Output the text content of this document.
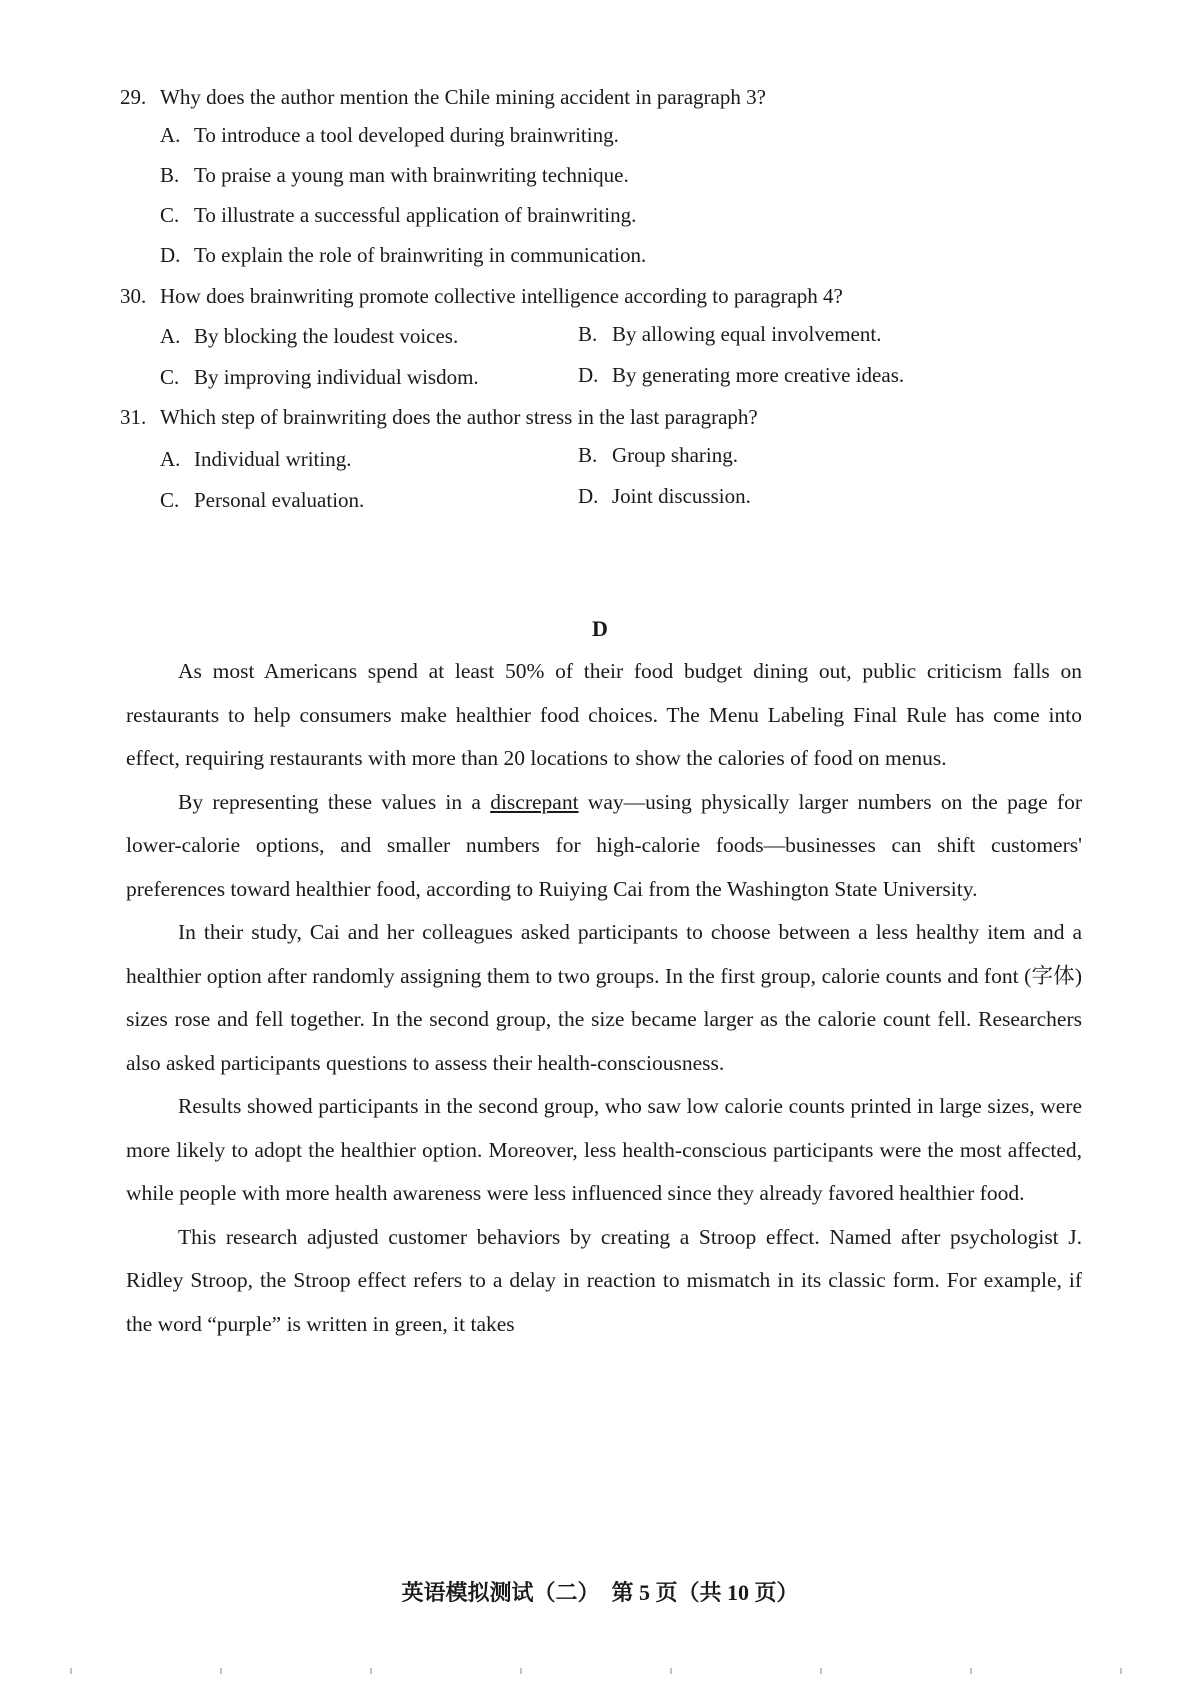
29. Why does the author mention the Chile mining accident in paragraph 3?
A. To introduce a tool developed during brainwriting.
B. To praise a young man with brainwriting technique.
C. To illustrate a successful application of brainwriting.
D. To explain the role of brainwriting in communication.
30. How does brainwriting promote collective intelligence according to paragraph 4?
A. By blocking the loudest voices.	B. By allowing equal involvement.
C. By improving individual wisdom.	D. By generating more creative ideas.
31. Which step of brainwriting does the author stress in the last paragraph?
A. Individual writing.	B. Group sharing.
C. Personal evaluation.	D. Joint discussion.
D

As most Americans spend at least 50% of their food budget dining out, public criticism falls on restaurants to help consumers make healthier food choices. The Menu Labeling Final Rule has come into effect, requiring restaurants with more than 20 locations to show the calories of food on menus.

By representing these values in a discrepant way—using physically larger numbers on the page for lower-calorie options, and smaller numbers for high-calorie foods—businesses can shift customers' preferences toward healthier food, according to Ruiying Cai from the Washington State University.

In their study, Cai and her colleagues asked participants to choose between a less healthy item and a healthier option after randomly assigning them to two groups. In the first group, calorie counts and font (字体) sizes rose and fell together. In the second group, the size became larger as the calorie count fell. Researchers also asked participants questions to assess their health-consciousness.

Results showed participants in the second group, who saw low calorie counts printed in large sizes, were more likely to adopt the healthier option. Moreover, less health-conscious participants were the most affected, while people with more health awareness were less influenced since they already favored healthier food.

This research adjusted customer behaviors by creating a Stroop effect. Named after psychologist J. Ridley Stroop, the Stroop effect refers to a delay in reaction to mismatch in its classic form. For example, if the word “purple” is written in green, it takes

英语模拟测试（二） 第 5 页（共 10 页）
